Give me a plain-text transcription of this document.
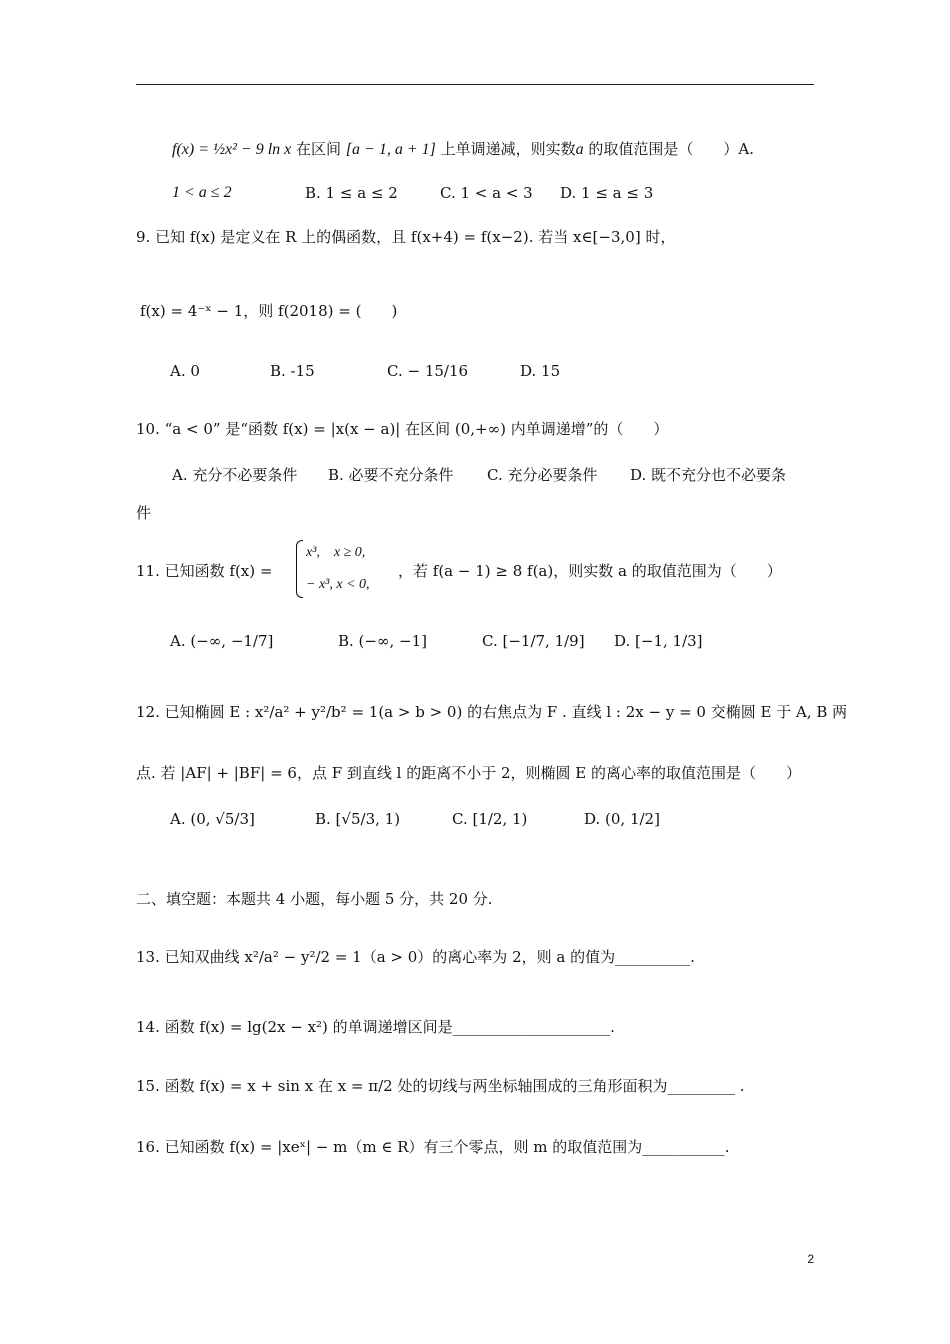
f(x) = ½x² − 9 ln x 在区间 [a − 1, a + 1] 上单调递减，则实数a 的取值范围是（　　）A.
1 < a ≤ 2	B. 1 ≤ a ≤ 2	C. 1 < a < 3 D. 1 ≤ a ≤ 3
9. 已知 f(x) 是定义在 R 上的偶函数，且 f(x+4) = f(x−2). 若当 x∈[−3,0] 时，
f(x) = 4⁻ˣ − 1，则 f(2018) = (　　)
A. 0	B. -15	C. − 15/16	D. 15
10. “a < 0” 是“函数 f(x) = |x(x − a)| 在区间 (0,+∞) 内单调递增”的（　　）
A. 充分不必要条件 B. 必要不充分条件 C. 充分必要条件 D. 既不充分也不必要条
件
11. 已知函数 f(x) =
x³,　x ≥ 0,
− x³, x < 0,
，若 f(a − 1) ≥ 8 f(a)，则实数 a 的取值范围为（　　）
A. (−∞, −1/7]	B. (−∞, −1]	C. [−1/7, 1/9] D. [−1, 1/3]
12. 已知椭圆 E : x²/a² + y²/b² = 1(a > b > 0) 的右焦点为 F . 直线 l : 2x − y = 0 交椭圆 E 于 A, B 两
点. 若 |AF| + |BF| = 6，点 F 到直线 l 的距离不小于 2，则椭圆 E 的离心率的取值范围是（　　）
A. (0, √5/3]	B. [√5/3, 1)	C. [1/2, 1)	D. (0, 1/2]
二、填空题：本题共 4 小题，每小题 5 分，共 20 分.
13. 已知双曲线 x²/a² − y²/2 = 1（a > 0）的离心率为 2，则 a 的值为__________.
14. 函数 f(x) = lg(2x − x²) 的单调递增区间是_____________________.
15. 函数 f(x) = x + sin x 在 x = π/2 处的切线与两坐标轴围成的三角形面积为_________ .
16. 已知函数 f(x) = |xeˣ| − m（m ∈ R）有三个零点，则 m 的取值范围为___________.
2
